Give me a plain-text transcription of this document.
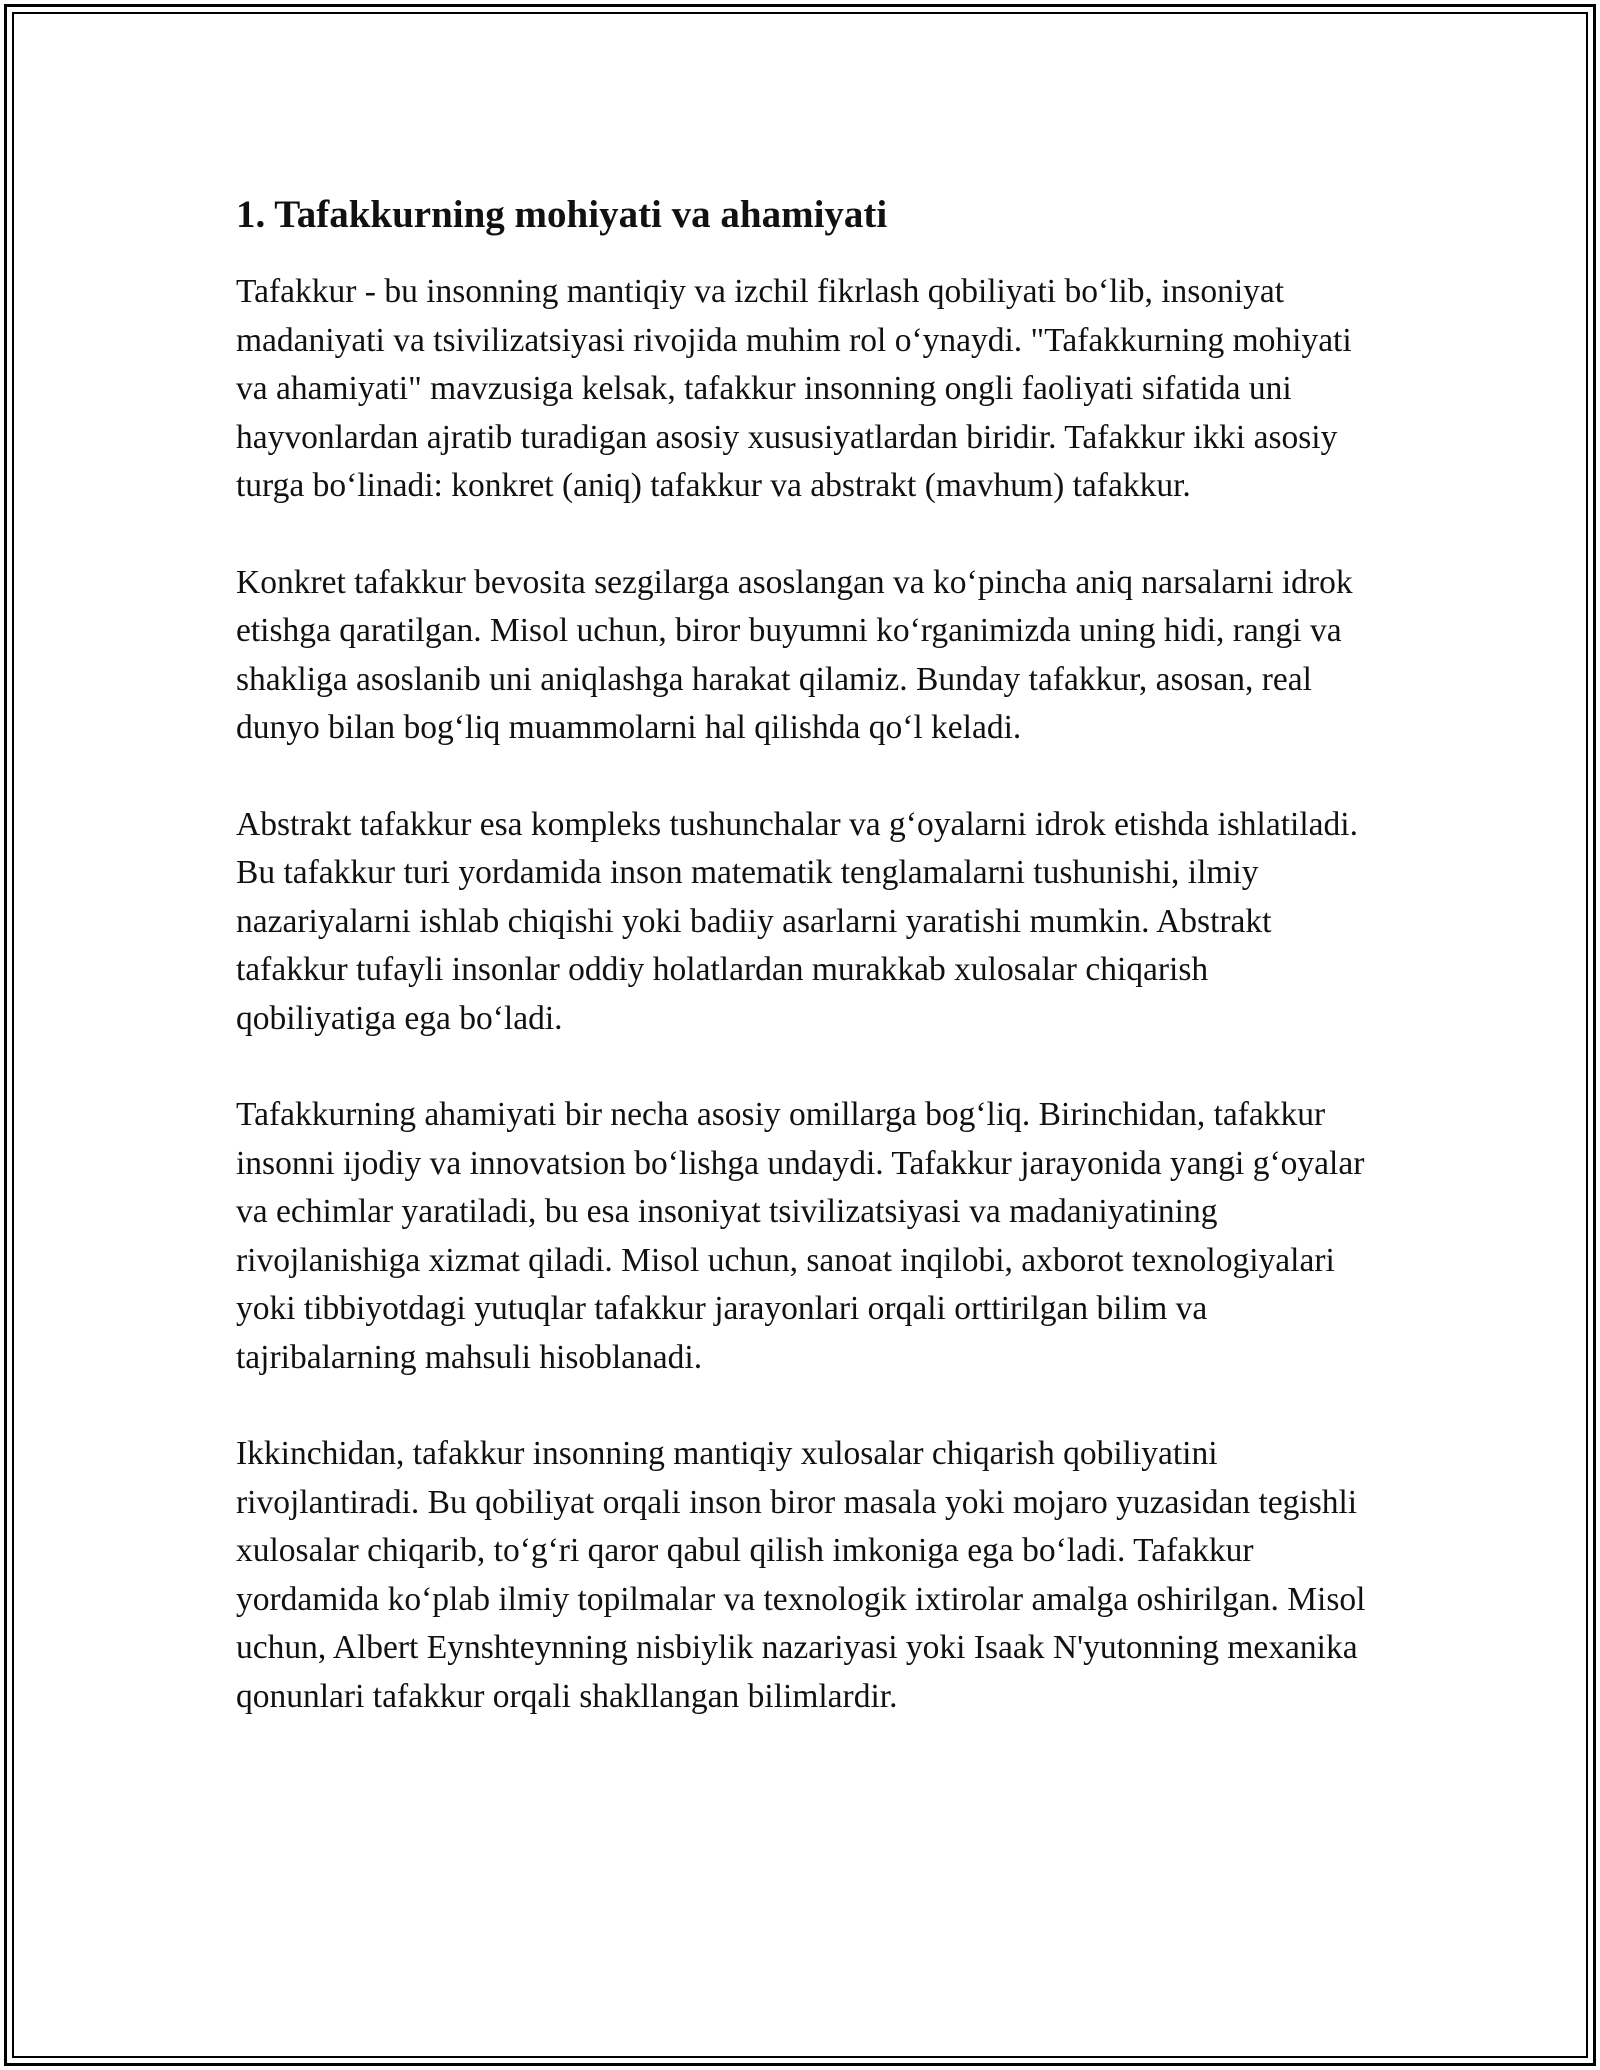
1. Tafakkurning mohiyati va ahamiyati

Tafakkur - bu insonning mantiqiy va izchil fikrlash qobiliyati bo‘lib, insoniyat madaniyati va tsivilizatsiyasi rivojida muhim rol o‘ynaydi. "Tafakkurning mohiyati va ahamiyati" mavzusiga kelsak, tafakkur insonning ongli faoliyati sifatida uni hayvonlardan ajratib turadigan asosiy xususiyatlardan biridir. Tafakkur ikki asosiy turga bo‘linadi: konkret (aniq) tafakkur va abstrakt (mavhum) tafakkur.

Konkret tafakkur bevosita sezgilarga asoslangan va ko‘pincha aniq narsalarni idrok etishga qaratilgan. Misol uchun, biror buyumni ko‘rganimizda uning hidi, rangi va shakliga asoslanib uni aniqlashga harakat qilamiz. Bunday tafakkur, asosan, real dunyo bilan bog‘liq muammolarni hal qilishda qo‘l keladi.

Abstrakt tafakkur esa kompleks tushunchalar va g‘oyalarni idrok etishda ishlatiladi. Bu tafakkur turi yordamida inson matematik tenglamalarni tushunishi, ilmiy nazariyalarni ishlab chiqishi yoki badiiy asarlarni yaratishi mumkin. Abstrakt tafakkur tufayli insonlar oddiy holatlardan murakkab xulosalar chiqarish qobiliyatiga ega bo‘ladi.

Tafakkurning ahamiyati bir necha asosiy omillarga bog‘liq. Birinchidan, tafakkur insonni ijodiy va innovatsion bo‘lishga undaydi. Tafakkur jarayonida yangi g‘oyalar va echimlar yaratiladi, bu esa insoniyat tsivilizatsiyasi va madaniyatining rivojlanishiga xizmat qiladi. Misol uchun, sanoat inqilobi, axborot texnologiyalari yoki tibbiyotdagi yutuqlar tafakkur jarayonlari orqali orttirilgan bilim va tajribalarning mahsuli hisoblanadi.

Ikkinchidan, tafakkur insonning mantiqiy xulosalar chiqarish qobiliyatini rivojlantiradi. Bu qobiliyat orqali inson biror masala yoki mojaro yuzasidan tegishli xulosalar chiqarib, to‘g‘ri qaror qabul qilish imkoniga ega bo‘ladi. Tafakkur yordamida ko‘plab ilmiy topilmalar va texnologik ixtirolar amalga oshirilgan. Misol uchun, Albert Eynshteynning nisbiylik nazariyasi yoki Isaak N'yutonning mexanika qonunlari tafakkur orqali shakllangan bilimlardir.
